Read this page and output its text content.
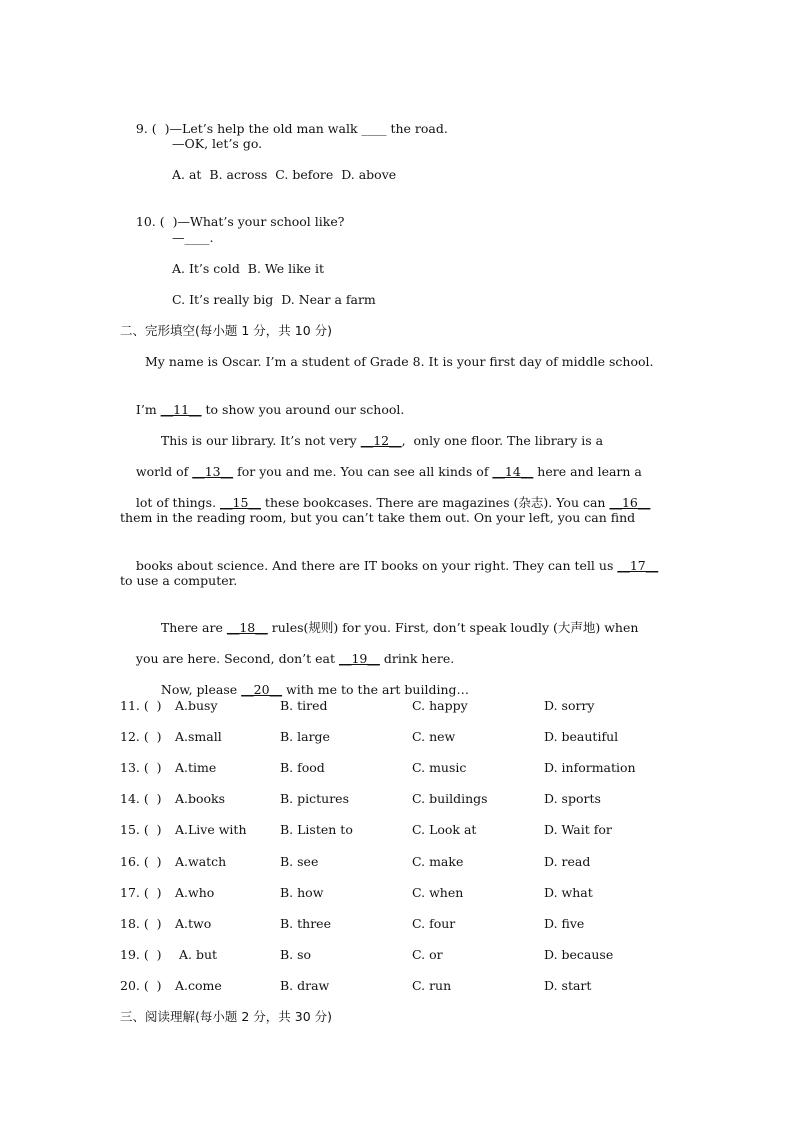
9. (  )—Let’s help the old man walk ____ the road.

—OK, let’s go.
A. at  B. across  C. before  D. above

10. (  )—What’s your school like?

—____.
A. It’s cold  B. We like it
C. It’s really big  D. Near a farm
二、完形填空(每小题 1 分，共 10 分)
My name is Oscar. I’m a student of Grade 8. It is your first day of middle school.

I’m __11__ to show you around our school.

This is our library. It’s not very __12__,  only one floor. The library is a

world of __13__ for you and me. You can see all kinds of __14__ here and learn a

lot of things. __15__ these bookcases. There are magazines (杂志). You can __16__

them in the reading room, but you can’t take them out. On your left, you can find

books about science. And there are IT books on your right. They can tell us __17__

to use a computer.

There are __18__ rules(规则) for you. First, don’t speak loudly (大声地) when

you are here. Second, don’t eat __19__ drink here.

Now, please __20__ with me to the art building…

11. (  ) A.busy	B. tired	C. happy	D. sorry
12. (  ) A.small	B. large	C. new	D. beautiful
13. (  ) A.time	B. food	C. music	D. information
14. (  ) A.books	B. pictures	C. buildings	D. sports
15. (  ) A.Live with	B. Listen to	C. Look at	D. Wait for
16. (  ) A.watch	B. see	C. make	D. read
17. (  ) A.who	B. how	C. when	D. what
18. (  ) A.two	B. three	C. four	D. five
19. (  ) A. but	B. so	C. or	D. because
20. (  ) A.come	B. draw	C. run	D. start
三、阅读理解(每小题 2 分，共 30 分)
